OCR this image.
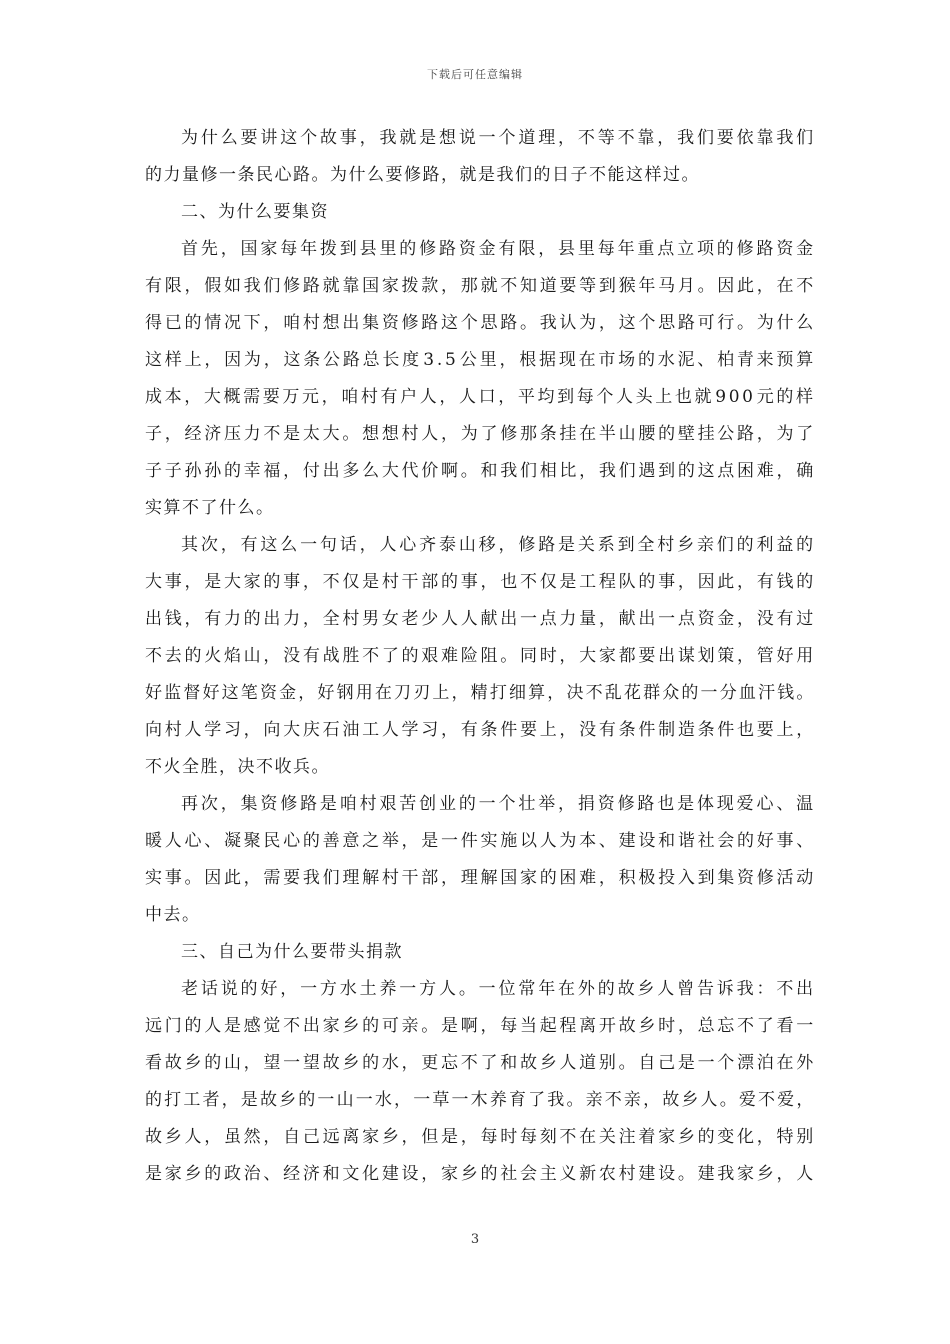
下载后可任意编辑
为 什 么 要 讲 这 个 故 事 ， 我 就 是 想 说 一 个 道 理 ， 不 等 不 靠 ， 我 们 要 依 靠 我 们
的力量修一条民心路。为什么要修路，就是我们的日子不能这样过。
二、为什么要集资
首 先 ， 国 家 每 年 拨 到 县 里 的 修 路 资 金 有 限 ， 县 里 每 年 重 点 立 项 的 修 路 资 金
有 限 ， 假 如 我 们 修 路 就 靠 国 家 拨 款 ， 那 就 不 知 道 要 等 到 猴 年 马 月 。 因 此 ， 在 不
得 已 的 情 况 下 ， 咱 村 想 出 集 资 修 路 这 个 思 路 。 我 认 为 ， 这 个 思 路 可 行 。 为 什 么
这 样 上 ， 因 为 ， 这 条 公 路 总 长 度 3 . 5 公 里 ， 根 据 现 在 市 场 的 水 泥 、 柏 青 来 预 算
成 本 ， 大 概 需 要 万 元 ， 咱 村 有 户 人 ， 人 口 ， 平 均 到 每 个 人 头 上 也 就 9 0 0 元 的 样
子 ， 经 济 压 力 不 是 太 大 。 想 想 村 人 ， 为 了 修 那 条 挂 在 半 山 腰 的 壁 挂 公 路 ， 为 了
子 子 孙 孙 的 幸 福 ， 付 出 多 么 大 代 价 啊 。 和 我 们 相 比 ， 我 们 遇 到 的 这 点 困 难 ， 确
实算不了什么。
其 次 ， 有 这 么 一 句 话 ， 人 心 齐 泰 山 移 ， 修 路 是 关 系 到 全 村 乡 亲 们 的 利 益 的
大 事 ， 是 大 家 的 事 ， 不 仅 是 村 干 部 的 事 ， 也 不 仅 是 工 程 队 的 事 ， 因 此 ， 有 钱 的
出 钱 ， 有 力 的 出 力 ， 全 村 男 女 老 少 人 人 献 出 一 点 力 量 ， 献 出 一 点 资 金 ， 没 有 过
不 去 的 火 焰 山 ， 没 有 战 胜 不 了 的 艰 难 险 阻 。 同 时 ， 大 家 都 要 出 谋 划 策 ， 管 好 用
好 监 督 好 这 笔 资 金 ， 好 钢 用 在 刀 刃 上 ， 精 打 细 算 ， 决 不 乱 花 群 众 的 一 分 血 汗 钱 。
向 村 人 学 习 ， 向 大 庆 石 油 工 人 学 习 ， 有 条 件 要 上 ， 没 有 条 件 制 造 条 件 也 要 上 ，
不火全胜，决不收兵。
再 次 ， 集 资 修 路 是 咱 村 艰 苦 创 业 的 一 个 壮 举 ， 捐 资 修 路 也 是 体 现 爱 心 、 温
暖 人 心 、 凝 聚 民 心 的 善 意 之 举 ， 是 一 件 实 施 以 人 为 本 、 建 设 和 谐 社 会 的 好 事 、
实 事 。 因 此 ， 需 要 我 们 理 解 村 干 部 ， 理 解 国 家 的 困 难 ， 积 极 投 入 到 集 资 修 活 动
中去。
三、自己为什么要带头捐款
老 话 说 的 好 ， 一 方 水 土 养 一 方 人 。 一 位 常 年 在 外 的 故 乡 人 曾 告 诉 我 ： 不 出
远 门 的 人 是 感 觉 不 出 家 乡 的 可 亲 。 是 啊 ， 每 当 起 程 离 开 故 乡 时 ， 总 忘 不 了 看 一
看 故 乡 的 山 ， 望 一 望 故 乡 的 水 ， 更 忘 不 了 和 故 乡 人 道 别 。 自 己 是 一 个 漂 泊 在 外
的 打 工 者 ， 是 故 乡 的 一 山 一 水 ， 一 草 一 木 养 育 了 我 。 亲 不 亲 ， 故 乡 人 。 爱 不 爱 ，
故 乡 人 ， 虽 然 ， 自 己 远 离 家 乡 ， 但 是 ， 每 时 每 刻 不 在 关 注 着 家 乡 的 变 化 ， 特 别
是 家 乡 的 政 治 、 经 济 和 文 化 建 设 ， 家 乡 的 社 会 主 义 新 农 村 建 设 。 建 我 家 乡 ， 人
3
